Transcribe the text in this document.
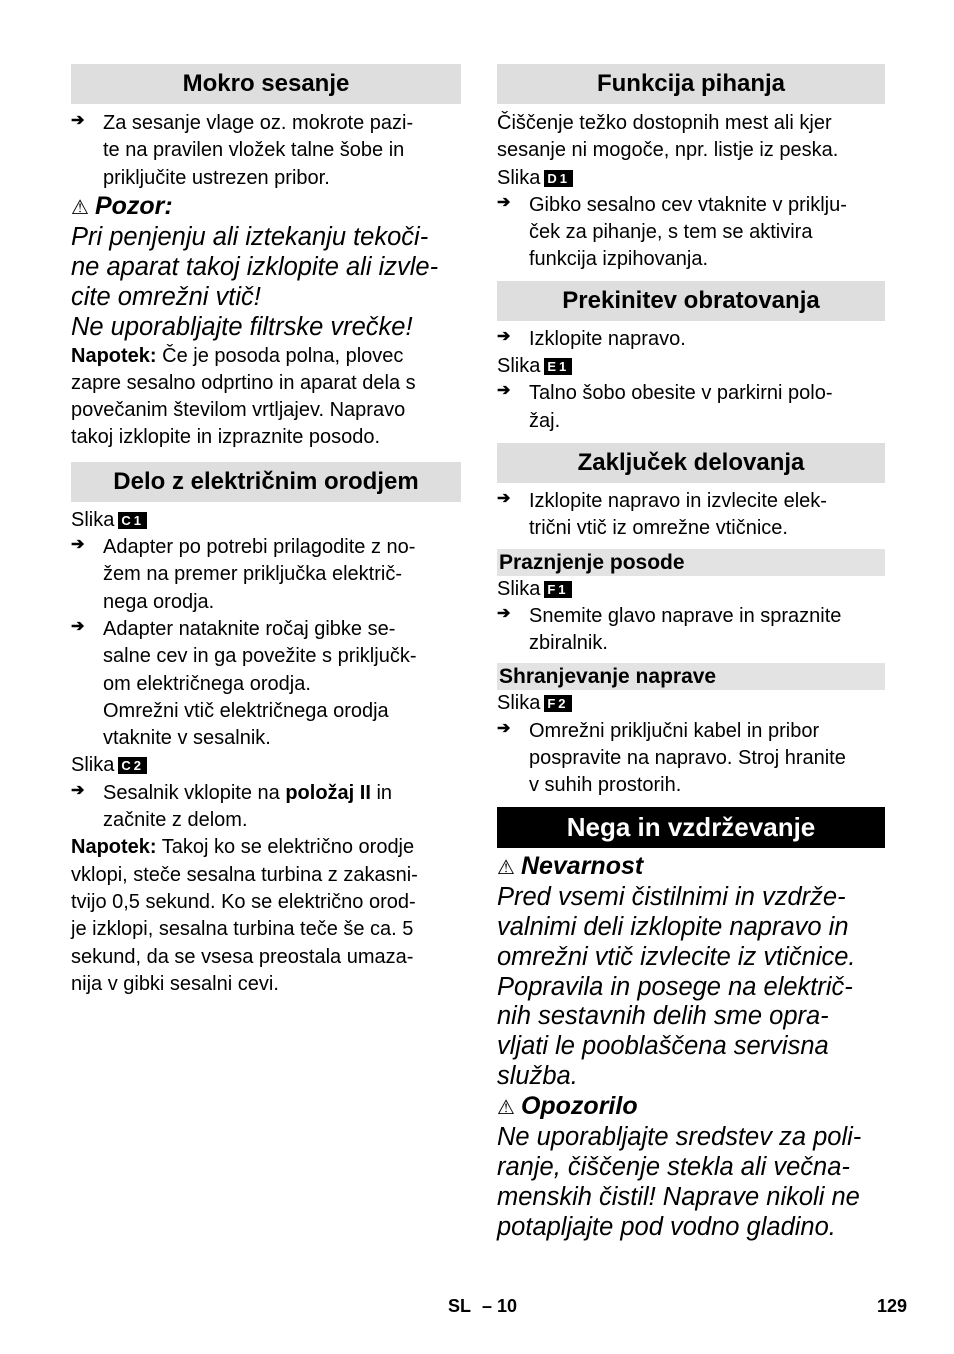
Mokro sesanje
➔ Za sesanje vlage oz. mokrote pazi-

te na pravilen vložek talne šobe in

priključite ustrezen pribor.

⚠ Pozor:

Pri penjenju ali iztekanju tekoči-

ne aparat takoj izklopite ali izvle-

cite omrežni vtič!

Ne uporabljajte filtrske vrečke!

Napotek: Če je posoda polna, plovec

zapre sesalno odprtino in aparat dela s

povečanim številom vrtljajev. Napravo

takoj izklopite in izpraznite posodo.

Delo z električnim orodjem

Slika C1

➔ Adapter po potrebi prilagodite z no-

žem na premer priključka električ-

nega orodja.

➔ Adapter nataknite ročaj gibke se-

salne cev in ga povežite s priključk-

om električnega orodja.

Omrežni vtič električnega orodja

vtaknite v sesalnik.

Slika C2

➔ Sesalnik vklopite na položaj II in

začnite z delom.

Napotek: Takoj ko se električno orodje

vklopi, steče sesalna turbina z zakasni-

tvijo 0,5 sekund. Ko se električno orod-

je izklopi, sesalna turbina teče še ca. 5

sekund, da se vsesa preostala umaza-

nija v gibki sesalni cevi.

Funkcija pihanja

Čiščenje težko dostopnih mest ali kjer

sesanje ni mogoče, npr. listje iz peska.

Slika D1

➔ Gibko sesalno cev vtaknite v priklju-

ček za pihanje, s tem se aktivira

funkcija izpihovanja.

Prekinitev obratovanja
➔ Izklopite napravo.

Slika E1

➔ Talno šobo obesite v parkirni polo-

žaj.

Zaključek delovanja
➔ Izklopite napravo in izvlecite elek-

trični vtič iz omrežne vtičnice.

Praznjenje posode

Slika F1

➔ Snemite glavo naprave in spraznite

zbiralnik.

Shranjevanje naprave

Slika F2

➔ Omrežni priključni kabel in pribor

pospravite na napravo. Stroj hranite

v suhih prostorih.

Nega in vzdrževanje

⚠ Nevarnost

Pred vsemi čistilnimi in vzdrže-

valnimi deli izklopite napravo in

omrežni vtič izvlecite iz vtičnice.

Popravila in posege na električ-

nih sestavnih delih sme opra-

vljati le pooblaščena servisna

služba.

⚠ Opozorilo

Ne uporabljajte sredstev za poli-

ranje, čiščenje stekla ali večna-

menskih čistil! Naprave nikoli ne

potapljajte pod vodno gladino.

SL – 10	129
